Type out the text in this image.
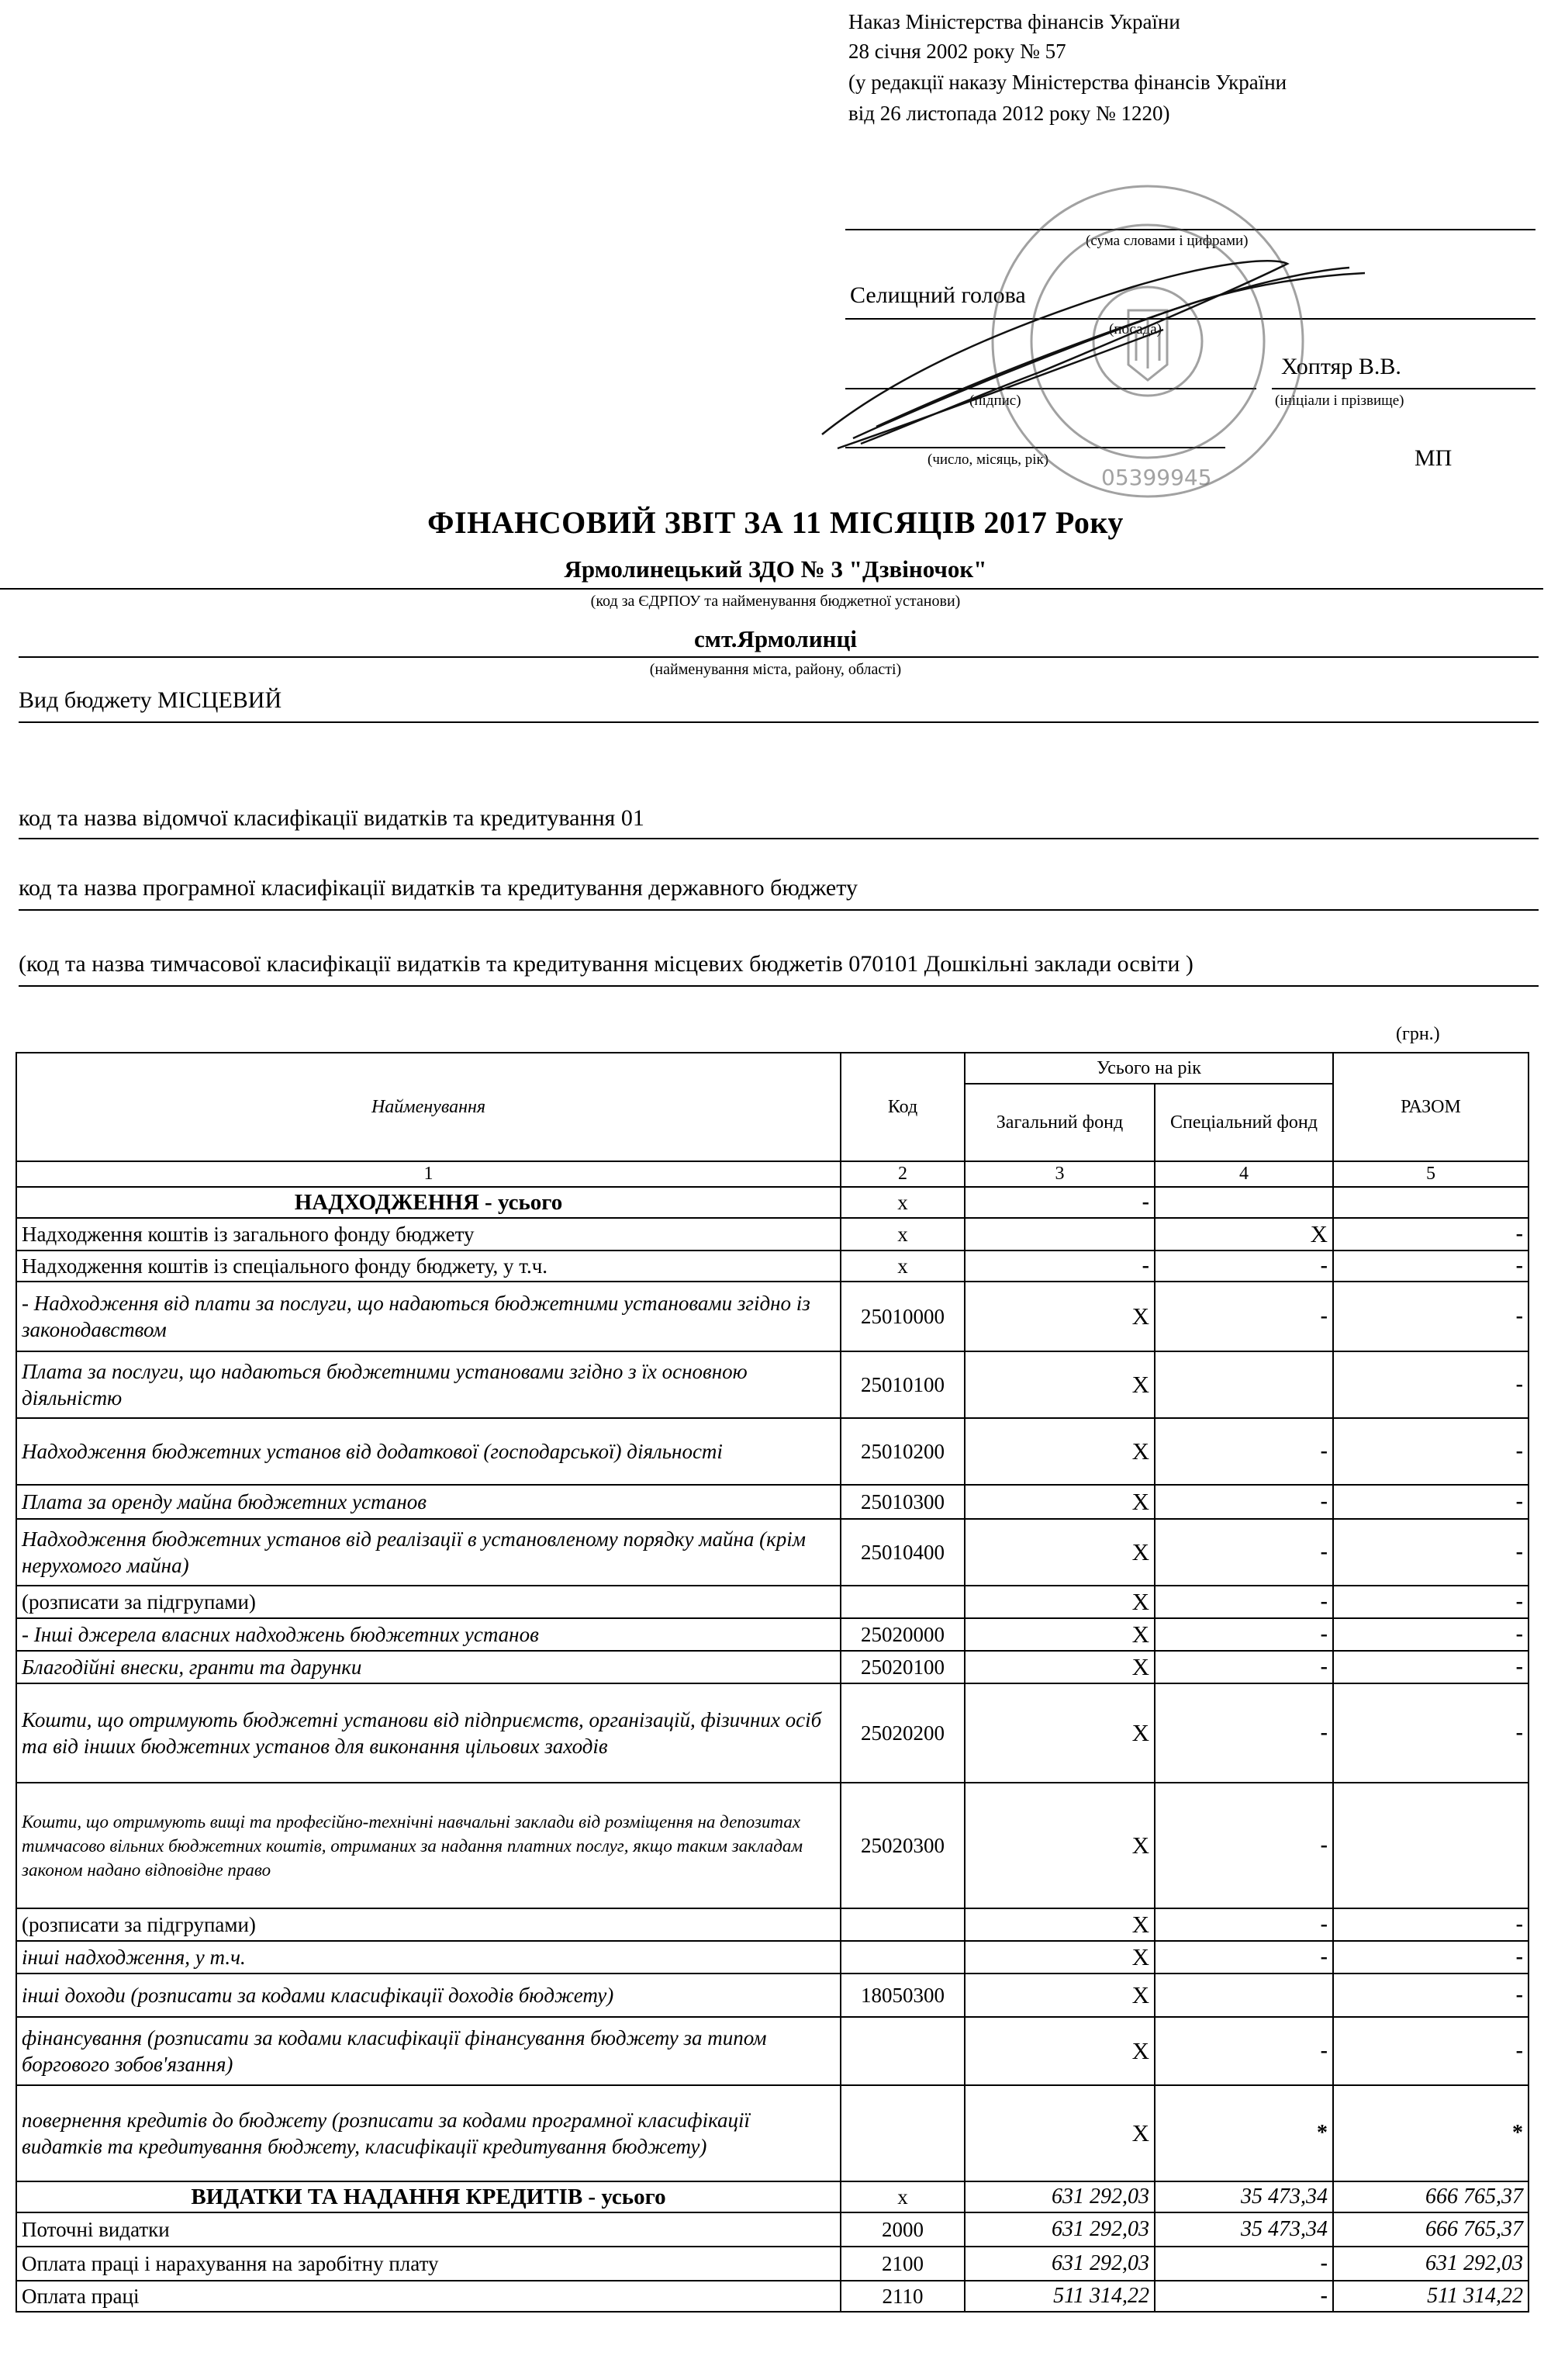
Наказ Міністерства фінансів України
28 січня 2002 року № 57
(у редакції наказу Міністерства фінансів України
від 26 листопада 2012 року № 1220)
(сума словами і цифрами)
Селищний голова
(посада)
Хоптяр В.В.
(підпис)	(ініціали і прізвище)
(число, місяць, рік)	МП
05399945
ФІНАНСОВИЙ ЗВІТ ЗА 11 МІСЯЦІВ 2017 Року
Ярмолинецький ЗДО № 3 "Дзвіночок"
(код за ЄДРПОУ та найменування бюджетної установи)
смт.Ярмолинці
(найменування міста, району, області)
Вид бюджету МІСЦЕВИЙ
код та назва відомчої класифікації видатків та кредитування 01
код та назва програмної класифікації видатків та кредитування державного бюджету
(код та назва тимчасової класифікації видатків та кредитування місцевих бюджетів 070101 Дошкільні заклади освіти )
(грн.)
Найменування	Код	Усього на рік		РАЗОМ
		Загальний фонд	Спеціальний фонд	
1	2	3	4	5
НАДХОДЖЕННЯ - усього	х	-		
Надходження коштів із загального фонду бюджету	х		Х	-
Надходження коштів із спеціального фонду бюджету, у т.ч.	х	-	-	-
- Надходження від плати за послуги, що надаються бюджетними установами згідно із законодавством	25010000	Х	-	-
Плата за послуги, що надаються бюджетними установами згідно з їх основною діяльністю	25010100	Х		-
Надходження бюджетних установ від додаткової (господарської) діяльності	25010200	Х	-	-
Плата за оренду майна бюджетних установ	25010300	Х	-	-
Надходження бюджетних установ від реалізації в установленому порядку майна (крім нерухомого майна)	25010400	Х	-	-
(розписати за підгрупами)		Х	-	-
- Інші джерела власних надходжень бюджетних установ	25020000	Х	-	-
Благодійні внески, гранти та дарунки	25020100	Х	-	-
Кошти, що отримують бюджетні установи від підприємств, організацій, фізичних осіб та від інших бюджетних установ для виконання цільових заходів	25020200	Х	-	-
Кошти, що отримують вищі та професійно-технічні навчальні заклади від розміщення на депозитах тимчасово вільних бюджетних коштів, отриманих за надання платних послуг, якщо таким закладам законом надано відповідне право	25020300	Х	-	
(розписати за підгрупами)		Х	-	-
інші надходження, у т.ч.		Х	-	-
інші доходи (розписати за кодами класифікації доходів бюджету)	18050300	Х		-
фінансування (розписати за кодами класифікації фінансування бюджету за типом боргового зобов'язання)		Х	-	-
повернення кредитів до бюджету (розписати за кодами програмної класифікації видатків та кредитування бюджету, класифікації кредитування бюджету)		Х	*	*
ВИДАТКИ ТА НАДАННЯ КРЕДИТІВ - усього	х	631 292,03	35 473,34	666 765,37
Поточні видатки	2000	631 292,03	35 473,34	666 765,37
Оплата праці і нарахування на заробітну плату	2100	631 292,03	-	631 292,03
Оплата праці	2110	511 314,22	-	511 314,22
